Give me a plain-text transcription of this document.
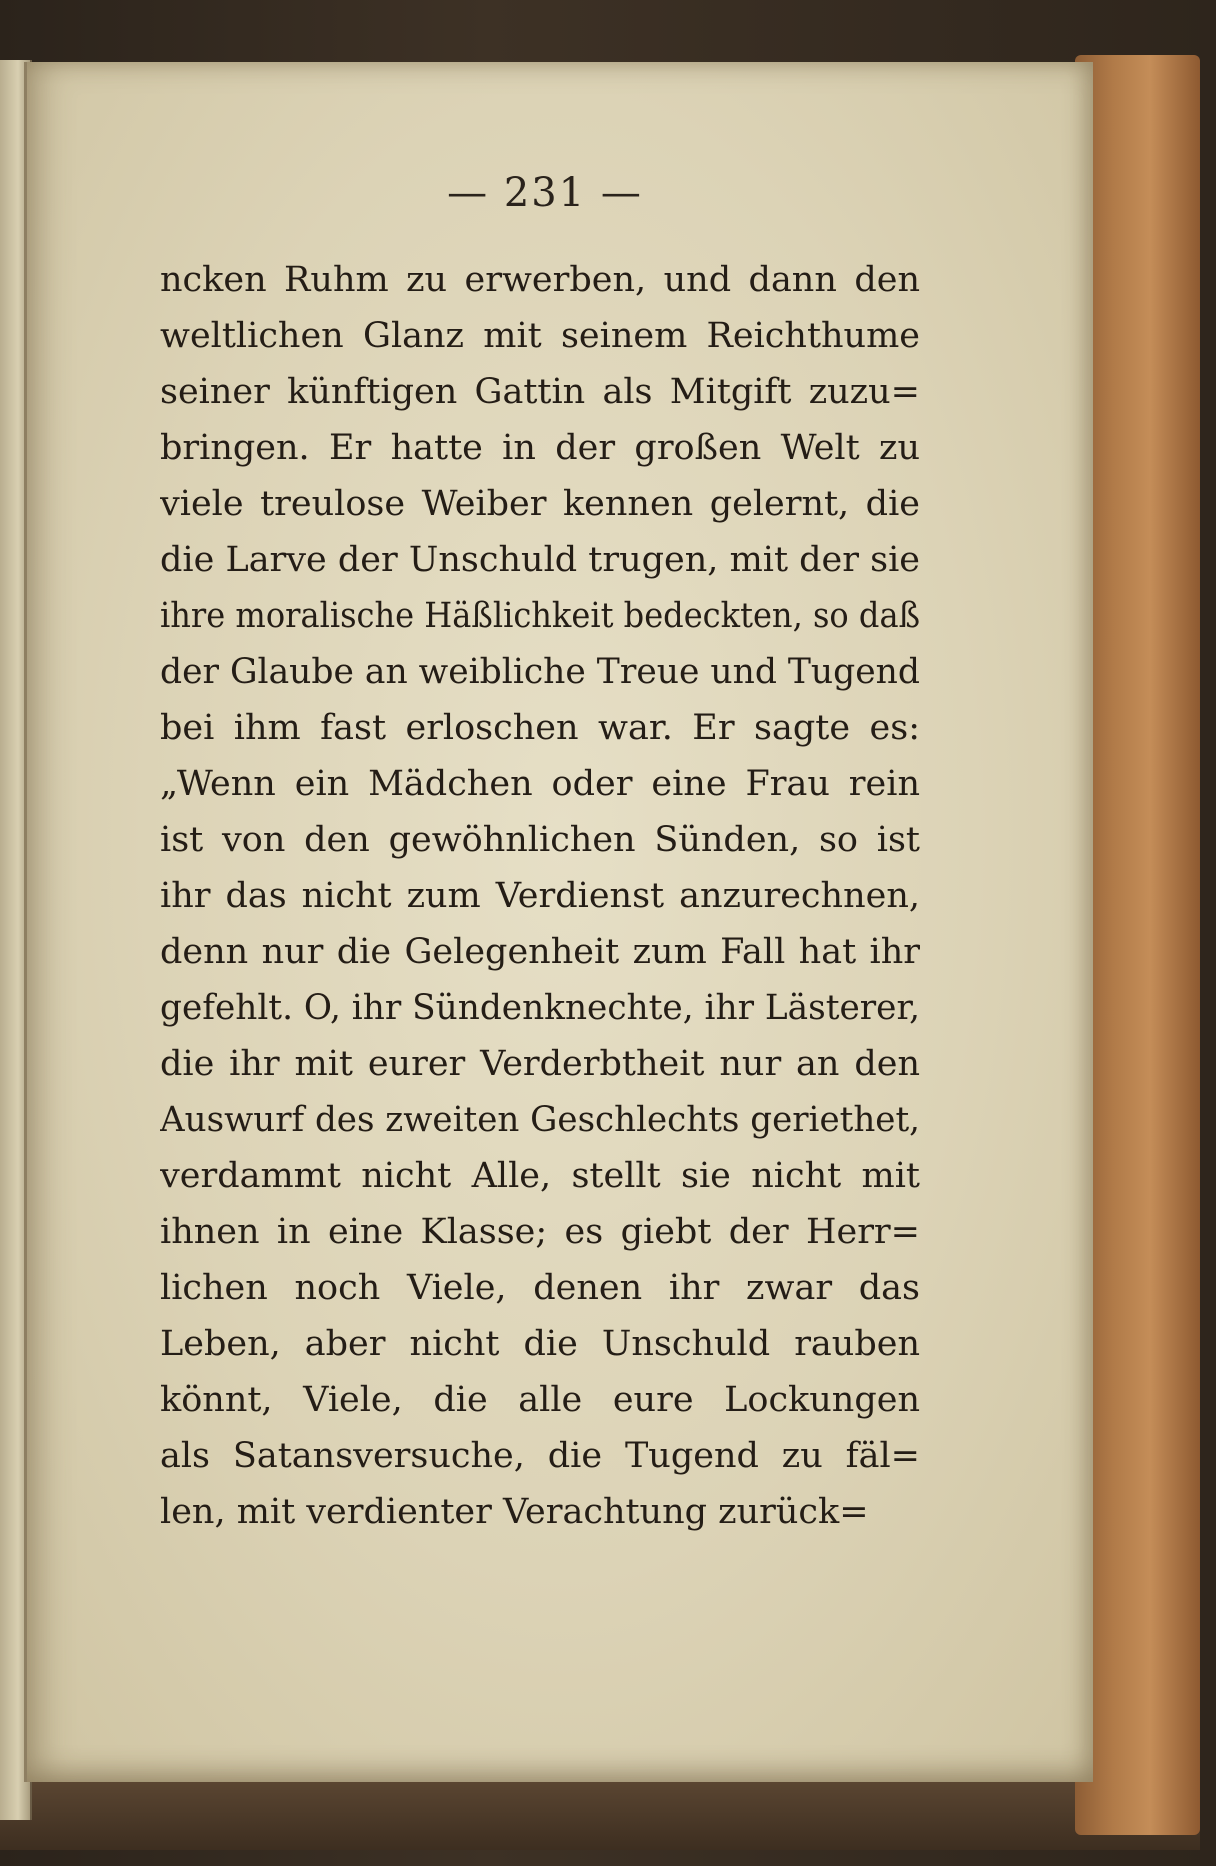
— 231 —
ncken Ruhm zu erwerben, und dann den
weltlichen Glanz mit seinem Reichthume
seiner künftigen Gattin als Mitgift zuzu=
bringen. Er hatte in der großen Welt zu
viele treulose Weiber kennen gelernt, die
die Larve der Unschuld trugen, mit der sie
ihre moralische Häßlichkeit bedeckten, so daß
der Glaube an weibliche Treue und Tugend
bei ihm fast erloschen war. Er sagte es:
„Wenn ein Mädchen oder eine Frau rein
ist von den gewöhnlichen Sünden, so ist
ihr das nicht zum Verdienst anzurechnen,
denn nur die Gelegenheit zum Fall hat ihr
gefehlt. O, ihr Sündenknechte, ihr Lästerer,
die ihr mit eurer Verderbtheit nur an den
Auswurf des zweiten Geschlechts geriethet,
verdammt nicht Alle, stellt sie nicht mit
ihnen in eine Klasse; es giebt der Herr=
lichen noch Viele, denen ihr zwar das
Leben, aber nicht die Unschuld rauben
könnt, Viele, die alle eure Lockungen
als Satansversuche, die Tugend zu fäl=
len, mit verdienter Verachtung zurück=
